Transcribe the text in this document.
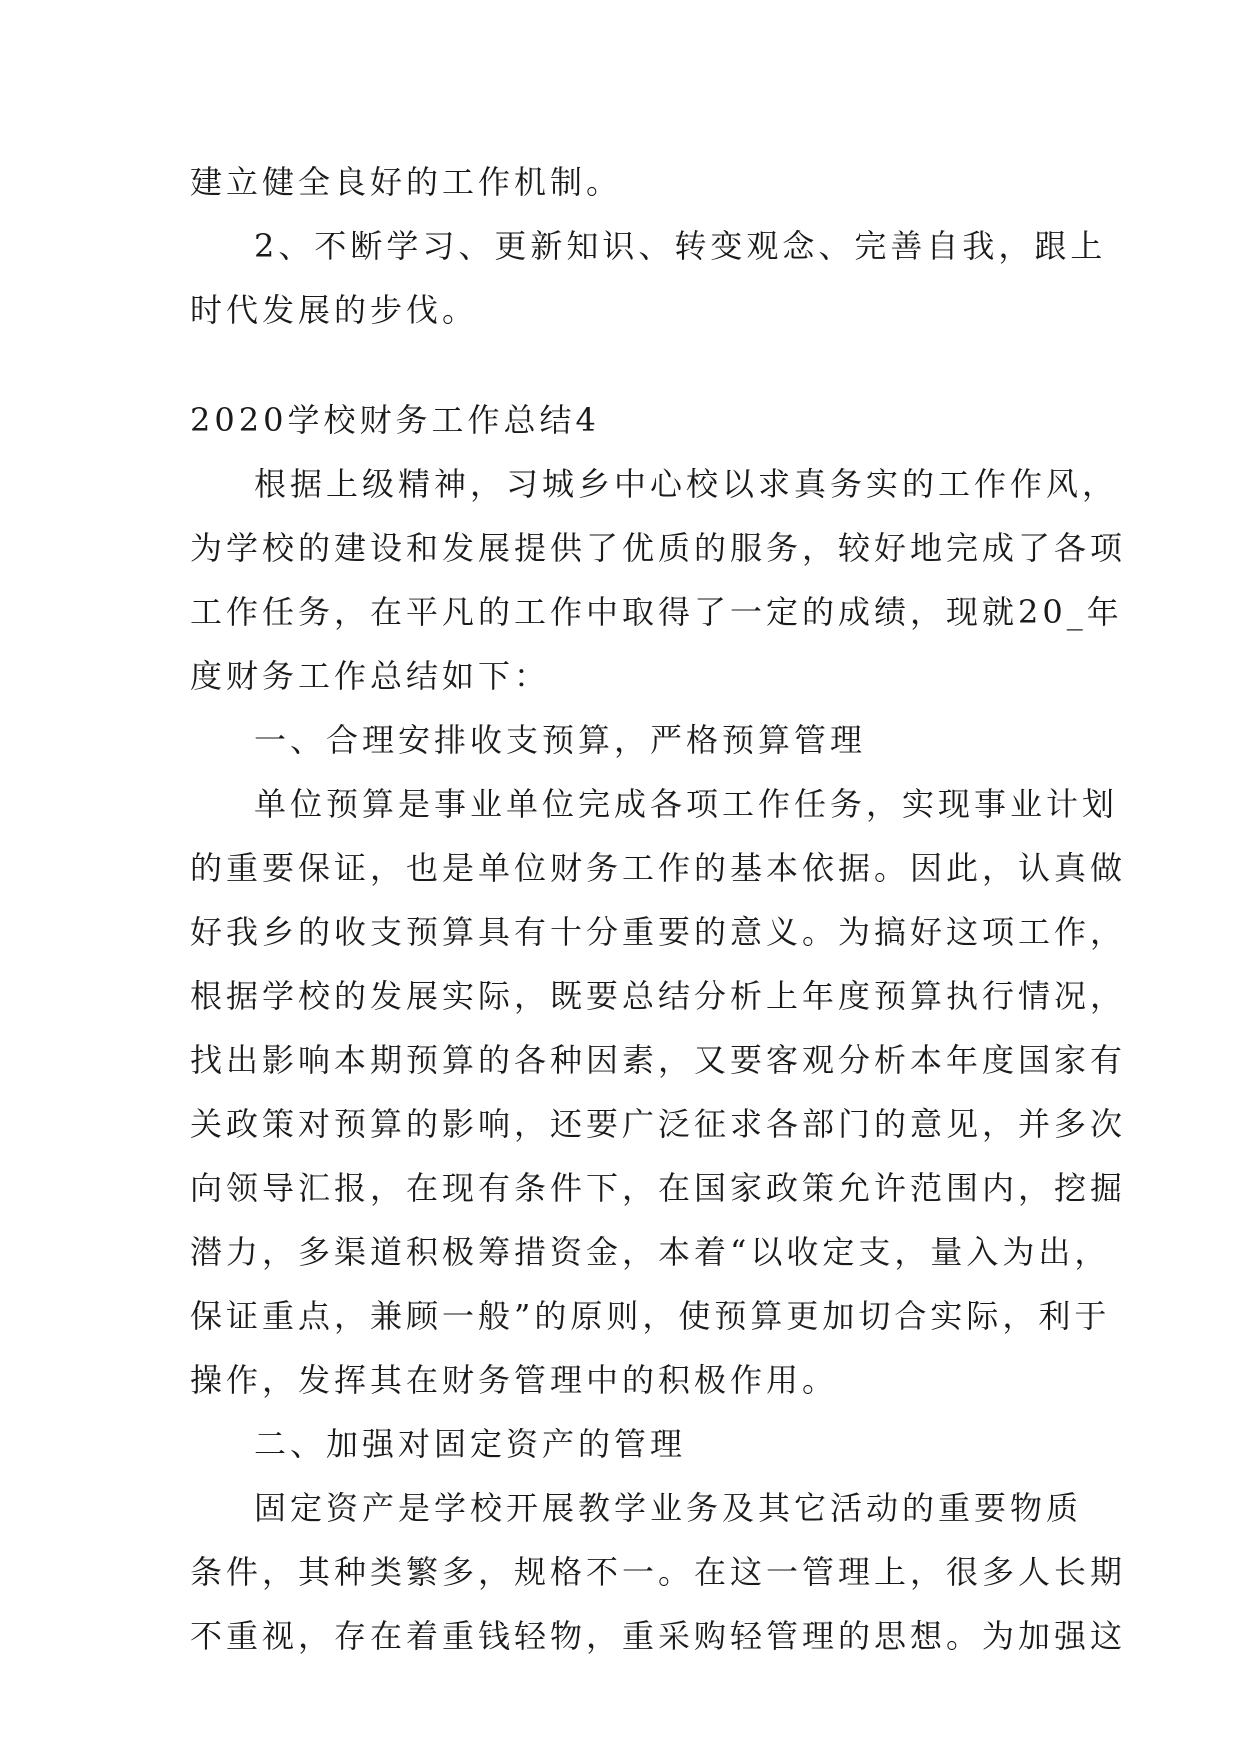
建立健全良好的工作机制。
2、不断学习、更新知识、转变观念、完善自我，跟上
时代发展的步伐。
2020学校财务工作总结4
根据上级精神，习城乡中心校以求真务实的工作作风，
为学校的建设和发展提供了优质的服务，较好地完成了各项
工作任务，在平凡的工作中取得了一定的成绩，现就20_年
度财务工作总结如下：
一、合理安排收支预算，严格预算管理
单位预算是事业单位完成各项工作任务，实现事业计划
的重要保证，也是单位财务工作的基本依据。因此，认真做
好我乡的收支预算具有十分重要的意义。为搞好这项工作，
根据学校的发展实际，既要总结分析上年度预算执行情况，
找出影响本期预算的各种因素，又要客观分析本年度国家有
关政策对预算的影响，还要广泛征求各部门的意见，并多次
向领导汇报，在现有条件下，在国家政策允许范围内，挖掘
潜力，多渠道积极筹措资金，本着“以收定支，量入为出，
保证重点，兼顾一般”的原则，使预算更加切合实际，利于
操作，发挥其在财务管理中的积极作用。
二、加强对固定资产的管理
固定资产是学校开展教学业务及其它活动的重要物质
条件，其种类繁多，规格不一。在这一管理上，很多人长期
不重视，存在着重钱轻物，重采购轻管理的思想。为加强这
